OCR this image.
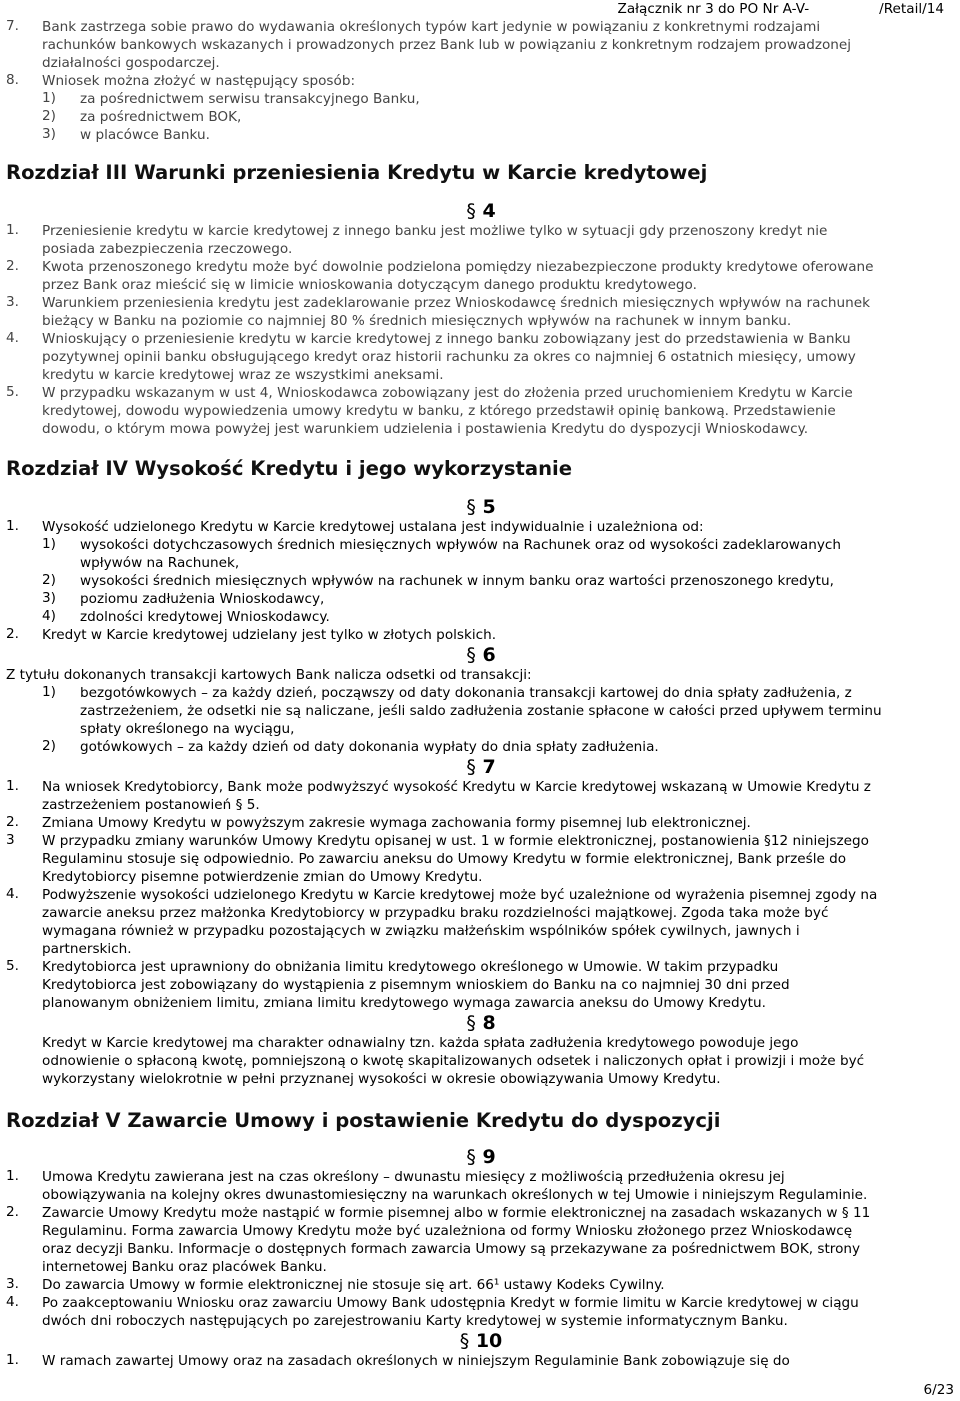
Załącznik nr 3 do PO Nr A-V-	/Retail/14
7.	Bank zastrzega sobie prawo do wydawania określonych typów kart jedynie w powiązaniu z konkretnymi rodzajami
rachunków bankowych wskazanych i prowadzonych przez Bank lub w powiązaniu z konkretnym rodzajem prowadzonej
działalności gospodarczej.
8.	Wniosek można złożyć w następujący sposób:
1)	za pośrednictwem serwisu transakcyjnego Banku,
2)	za pośrednictwem BOK,
3)	w placówce Banku.
Rozdział III Warunki przeniesienia Kredytu w Karcie kredytowej
§ 4
1.	Przeniesienie kredytu w karcie kredytowej z innego banku jest możliwe tylko w sytuacji gdy przenoszony kredyt nie
posiada zabezpieczenia rzeczowego.
2.	Kwota przenoszonego kredytu może być dowolnie podzielona pomiędzy niezabezpieczone produkty kredytowe oferowane
przez Bank oraz mieścić się w limicie wnioskowania dotyczącym danego produktu kredytowego.
3.	Warunkiem przeniesienia kredytu jest zadeklarowanie przez Wnioskodawcę średnich miesięcznych wpływów na rachunek
bieżący w Banku na poziomie co najmniej 80 % średnich miesięcznych wpływów na rachunek w innym banku.
4.	Wnioskujący o przeniesienie kredytu w karcie kredytowej z innego banku zobowiązany jest do przedstawienia w Banku
pozytywnej opinii banku obsługującego kredyt oraz historii rachunku za okres co najmniej 6 ostatnich miesięcy, umowy
kredytu w karcie kredytowej wraz ze wszystkimi aneksami.
5.	W przypadku wskazanym w ust 4, Wnioskodawca zobowiązany jest do złożenia przed uruchomieniem Kredytu w Karcie
kredytowej, dowodu wypowiedzenia umowy kredytu w banku, z którego przedstawił opinię bankową. Przedstawienie
dowodu, o którym mowa powyżej jest warunkiem udzielenia i postawienia Kredytu do dyspozycji Wnioskodawcy.
Rozdział IV Wysokość Kredytu i jego wykorzystanie
§ 5
1.	Wysokość udzielonego Kredytu w Karcie kredytowej ustalana jest indywidualnie i uzależniona od:
1)	wysokości dotychczasowych średnich miesięcznych wpływów na Rachunek oraz od wysokości zadeklarowanych
wpływów na Rachunek,
2)	wysokości średnich miesięcznych wpływów na rachunek w innym banku oraz wartości przenoszonego kredytu,
3)	poziomu zadłużenia Wnioskodawcy,
4)	zdolności kredytowej Wnioskodawcy.
2.	Kredyt w Karcie kredytowej udzielany jest tylko w złotych polskich.
§ 6
Z tytułu dokonanych transakcji kartowych Bank nalicza odsetki od transakcji:
1)	bezgotówkowych – za każdy dzień, począwszy od daty dokonania transakcji kartowej do dnia spłaty zadłużenia, z
zastrzeżeniem, że odsetki nie są naliczane, jeśli saldo zadłużenia zostanie spłacone w całości przed upływem terminu
spłaty określonego na wyciągu,
2)	gotówkowych – za każdy dzień od daty dokonania wypłaty do dnia spłaty zadłużenia.
§ 7
1.	Na wniosek Kredytobiorcy, Bank może podwyższyć wysokość Kredytu w Karcie kredytowej wskazaną w Umowie Kredytu z
zastrzeżeniem postanowień § 5.
2.	Zmiana Umowy Kredytu w powyższym zakresie wymaga zachowania formy pisemnej lub elektronicznej.
3	W przypadku zmiany warunków Umowy Kredytu opisanej w ust. 1 w formie elektronicznej, postanowienia §12 niniejszego
Regulaminu stosuje się odpowiednio. Po zawarciu aneksu do Umowy Kredytu w formie elektronicznej, Bank prześle do
Kredytobiorcy pisemne potwierdzenie zmian do Umowy Kredytu.
4.	Podwyższenie wysokości udzielonego Kredytu w Karcie kredytowej może być uzależnione od wyrażenia pisemnej zgody na
zawarcie aneksu przez małżonka Kredytobiorcy w przypadku braku rozdzielności majątkowej. Zgoda taka może być
wymagana również w przypadku pozostających w związku małżeńskim wspólników spółek cywilnych, jawnych i
partnerskich.
5.	Kredytobiorca jest uprawniony do obniżania limitu kredytowego określonego w Umowie. W takim przypadku
Kredytobiorca jest zobowiązany do wystąpienia z pisemnym wnioskiem do Banku na co najmniej 30 dni przed
planowanym obniżeniem limitu, zmiana limitu kredytowego wymaga zawarcia aneksu do Umowy Kredytu.
§ 8
Kredyt w Karcie kredytowej ma charakter odnawialny tzn. każda spłata zadłużenia kredytowego powoduje jego
odnowienie o spłaconą kwotę, pomniejszoną o kwotę skapitalizowanych odsetek i naliczonych opłat i prowizji i może być
wykorzystany wielokrotnie w pełni przyznanej wysokości w okresie obowiązywania Umowy Kredytu.
Rozdział V Zawarcie Umowy i postawienie Kredytu do dyspozycji
§ 9
1.	Umowa Kredytu zawierana jest na czas określony – dwunastu miesięcy z możliwością przedłużenia okresu jej
obowiązywania na kolejny okres dwunastomiesięczny na warunkach określonych w tej Umowie i niniejszym Regulaminie.
2.	Zawarcie Umowy Kredytu może nastąpić w formie pisemnej albo w formie elektronicznej na zasadach wskazanych w § 11
Regulaminu. Forma zawarcia Umowy Kredytu może być uzależniona od formy Wniosku złożonego przez Wnioskodawcę
oraz decyzji Banku. Informacje o dostępnych formach zawarcia Umowy są przekazywane za pośrednictwem BOK, strony
internetowej Banku oraz placówek Banku.
3.	Do zawarcia Umowy w formie elektronicznej nie stosuje się art. 66¹ ustawy Kodeks Cywilny.
4.	Po zaakceptowaniu Wniosku oraz zawarciu Umowy Bank udostępnia Kredyt w formie limitu w Karcie kredytowej w ciągu
dwóch dni roboczych następujących po zarejestrowaniu Karty kredytowej w systemie informatycznym Banku.
§ 10
1.	W ramach zawartej Umowy oraz na zasadach określonych w niniejszym Regulaminie Bank zobowiązuje się do
6/23
